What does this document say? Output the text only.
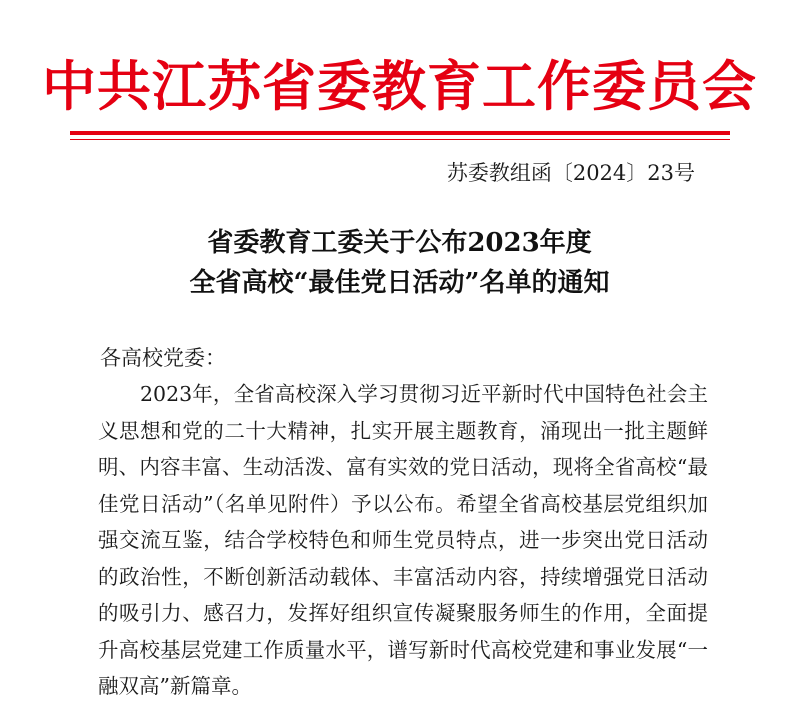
中共江苏省委教育工作委员会
苏委教组函〔2024〕23号
省委教育工委关于公布2023年度
全省高校“最佳党日活动”名单的通知
各高校党委：

2023年，全省高校深入学习贯彻习近平新时代中国特色社会主义思想和党的二十大精神，扎实开展主题教育，涌现出一批主题鲜明、内容丰富、生动活泼、富有实效的党日活动，现将全省高校“最佳党日活动”（名单见附件）予以公布。希望全省高校基层党组织加强交流互鉴，结合学校特色和师生党员特点，进一步突出党日活动的政治性，不断创新活动载体、丰富活动内容，持续增强党日活动的吸引力、感召力，发挥好组织宣传凝聚服务师生的作用，全面提升高校基层党建工作质量水平，谱写新时代高校党建和事业发展“一融双高”新篇章。
